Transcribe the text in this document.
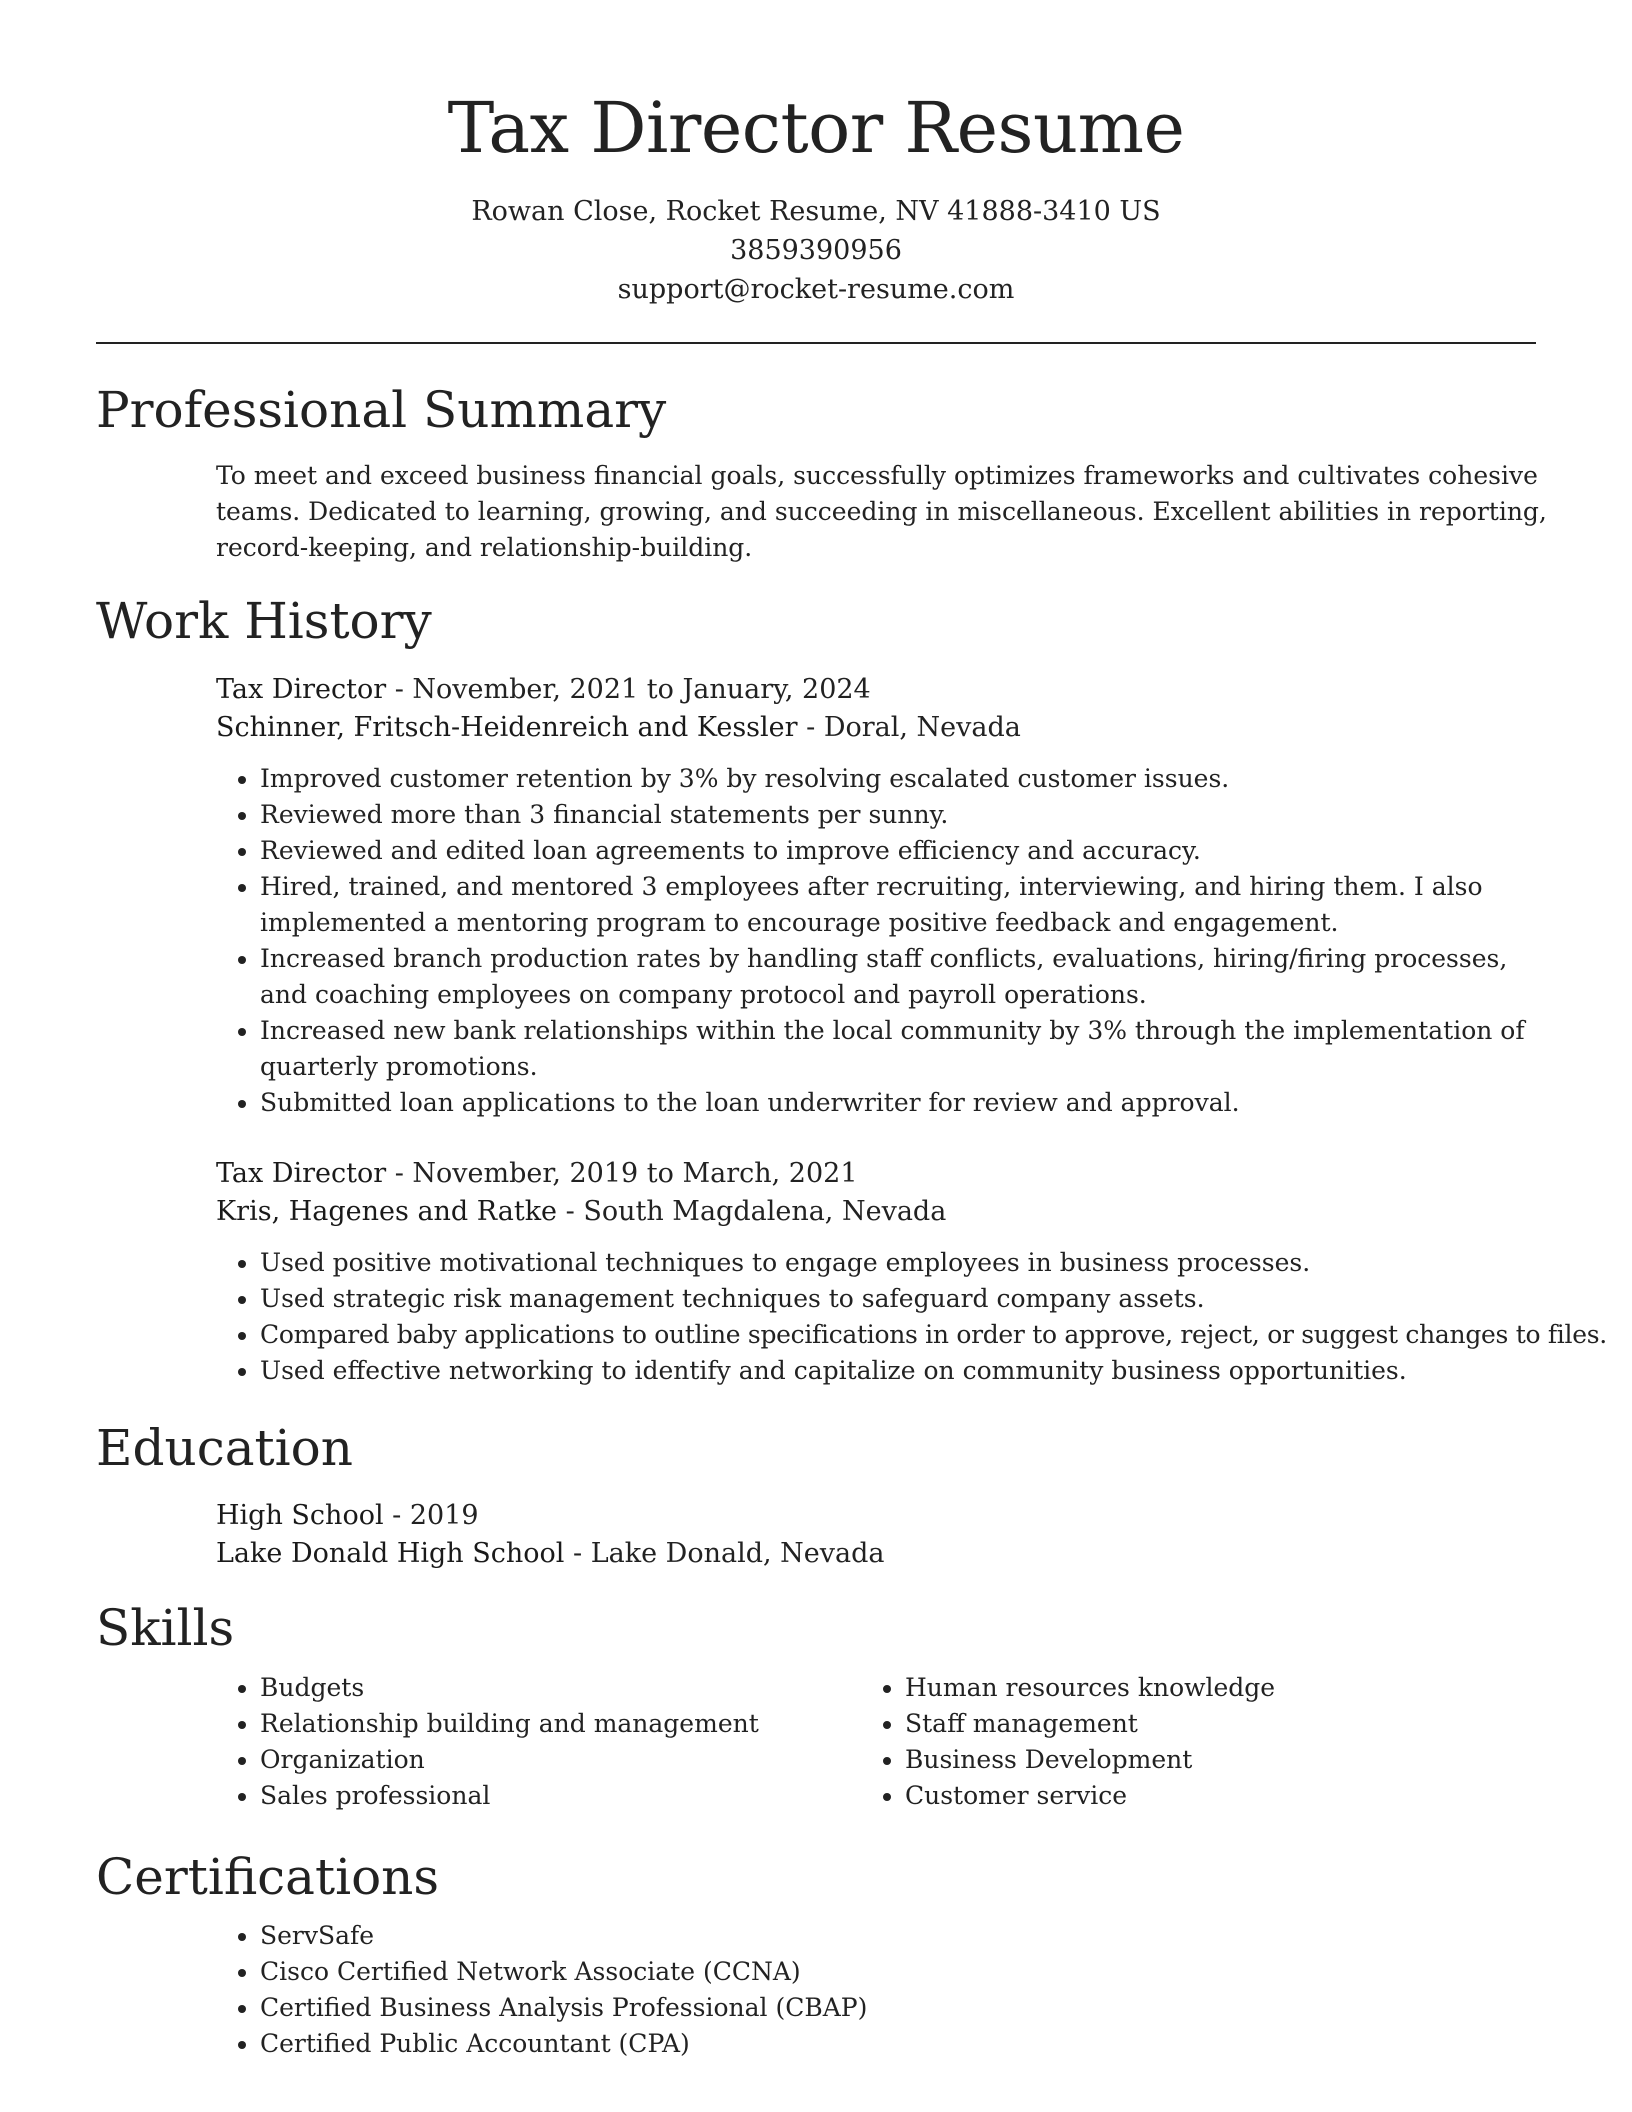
Tax Director Resume
Rowan Close, Rocket Resume, NV 41888-3410 US
3859390956
support@rocket-resume.com
Professional Summary

To meet and exceed business financial goals, successfully optimizes frameworks and cultivates cohesive teams. Dedicated to learning, growing, and succeeding in miscellaneous. Excellent abilities in reporting, record-keeping, and relationship-building.

Work History
Tax Director - November, 2021 to January, 2024
Schinner, Fritsch-Heidenreich and Kessler - Doral, Nevada
• Improved customer retention by 3% by resolving escalated customer issues.
• Reviewed more than 3 financial statements per sunny.
• Reviewed and edited loan agreements to improve efficiency and accuracy.
• Hired, trained, and mentored 3 employees after recruiting, interviewing, and hiring them. I also implemented a mentoring program to encourage positive feedback and engagement.
• Increased branch production rates by handling staff conflicts, evaluations, hiring/firing processes, and coaching employees on company protocol and payroll operations.
• Increased new bank relationships within the local community by 3% through the implementation of quarterly promotions.
• Submitted loan applications to the loan underwriter for review and approval.
Tax Director - November, 2019 to March, 2021
Kris, Hagenes and Ratke - South Magdalena, Nevada
• Used positive motivational techniques to engage employees in business processes.
• Used strategic risk management techniques to safeguard company assets.
• Compared baby applications to outline specifications in order to approve, reject, or suggest changes to files.
• Used effective networking to identify and capitalize on community business opportunities.
Education
High School - 2019
Lake Donald High School - Lake Donald, Nevada
Skills
• Budgets
• Relationship building and management
• Organization
• Sales professional
• Human resources knowledge
• Staff management
• Business Development
• Customer service
Certifications
• ServSafe
• Cisco Certified Network Associate (CCNA)
• Certified Business Analysis Professional (CBAP)
• Certified Public Accountant (CPA)
